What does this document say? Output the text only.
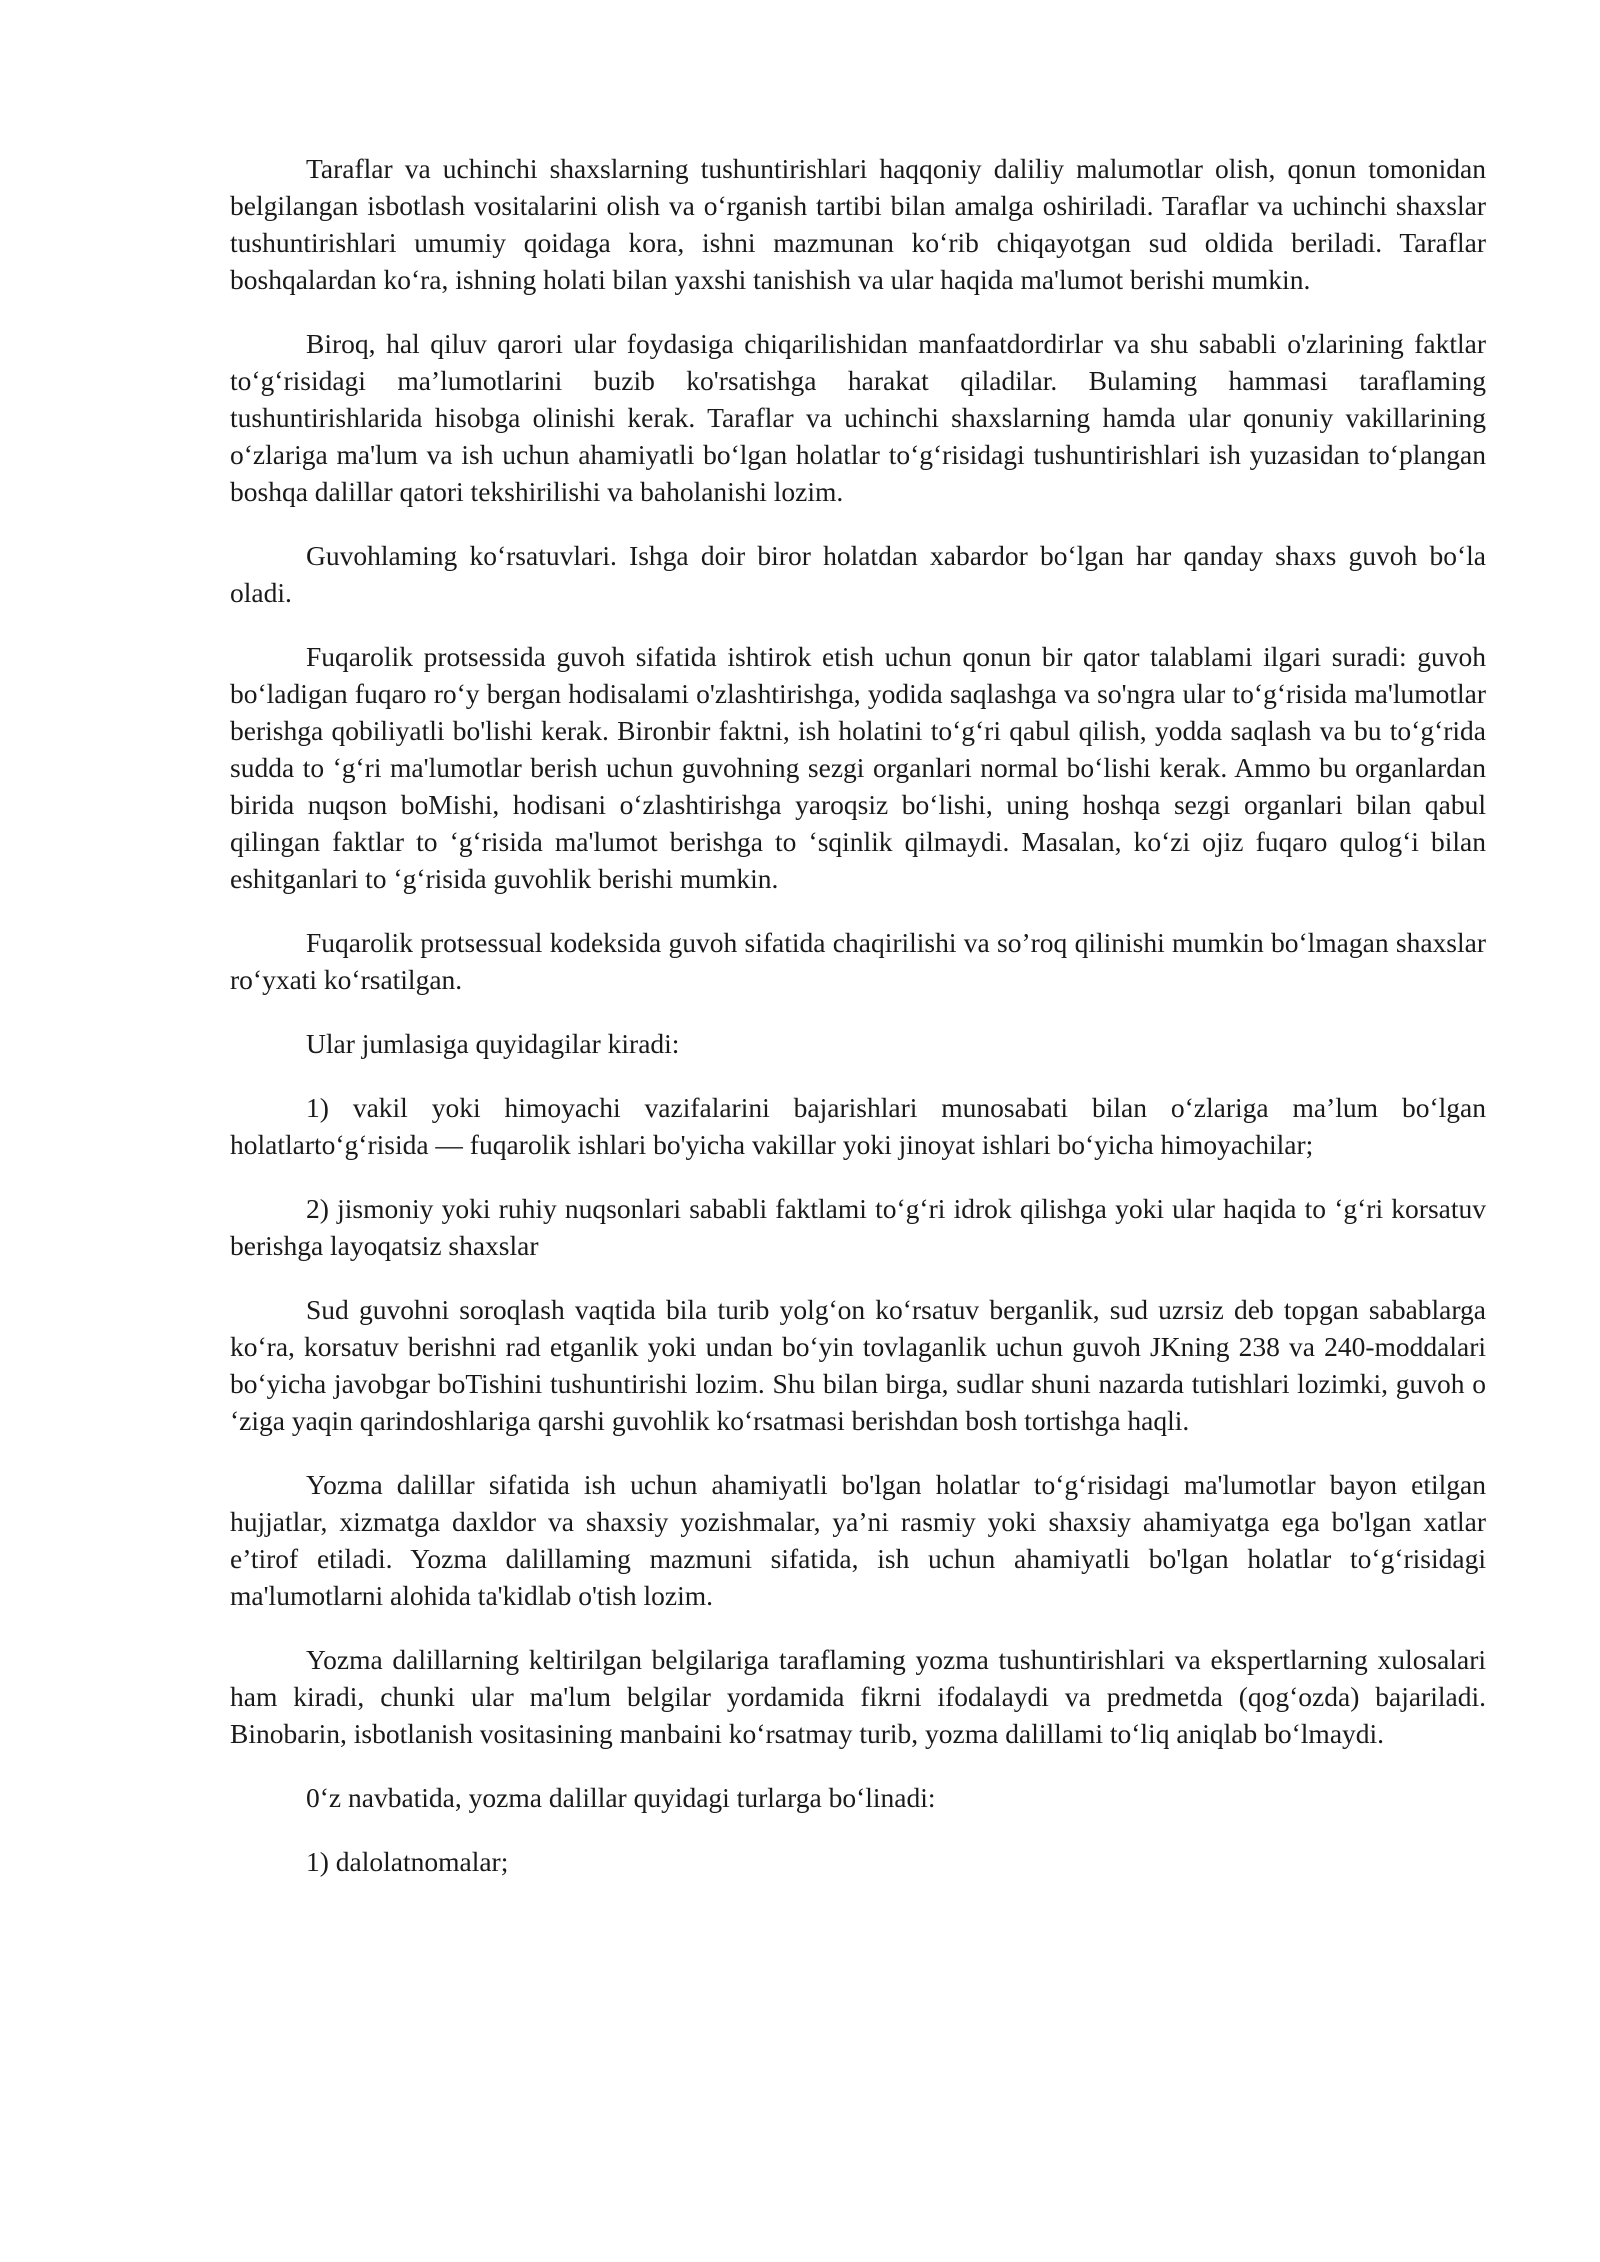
Taraflar va uchinchi shaxslarning tushuntirishlari haqqoniy daliliy malumotlar olish, qonun tomonidan belgilangan isbotlash vositalarini olish va o‘rganish tartibi bilan amalga oshiriladi. Taraflar va uchinchi shaxslar tushuntirishlari umumiy qoidaga kora, ishni mazmunan ko‘rib chiqayotgan sud oldida beriladi. Taraflar boshqalardan ko‘ra, ishning holati bilan yaxshi tanishish va ular haqida ma'lumot berishi mumkin.

Biroq, hal qiluv qarori ular foydasiga chiqarilishidan manfaatdordirlar va shu sababli o'zlarining faktlar to‘g‘risidagi ma’lumotlarini buzib ko'rsatishga harakat qiladilar. Bulaming hammasi taraflaming tushuntirishlarida hisobga olinishi kerak. Taraflar va uchinchi shaxslarning hamda ular qonuniy vakillarining o‘zlariga ma'lum va ish uchun ahamiyatli bo‘lgan holatlar to‘g‘risidagi tushuntirishlari ish yuzasidan to‘plangan boshqa dalillar qatori tekshirilishi va baholanishi lozim.

Guvohlaming ko‘rsatuvlari. Ishga doir biror holatdan xabardor bo‘lgan har qanday shaxs guvoh bo‘la oladi.

Fuqarolik protsessida guvoh sifatida ishtirok etish uchun qonun bir qator talablami ilgari suradi: guvoh bo‘ladigan fuqaro ro‘y bergan hodisalami o'zlashtirishga, yodida saqlashga va so'ngra ular to‘g‘risida ma'lumotlar berishga qobiliyatli bo'lishi kerak. Bironbir faktni, ish holatini to‘g‘ri qabul qilish, yodda saqlash va bu to‘g‘rida sudda to ‘g‘ri ma'lumotlar berish uchun guvohning sezgi organlari normal bo‘lishi kerak. Ammo bu organlardan birida nuqson boMishi, hodisani o‘zlashtirishga yaroqsiz bo‘lishi, uning hoshqa sezgi organlari bilan qabul qilingan faktlar to ‘g‘risida ma'lumot berishga to ‘sqinlik qilmaydi. Masalan, ko‘zi ojiz fuqaro qulog‘i bilan eshitganlari to ‘g‘risida guvohlik berishi mumkin.

Fuqarolik protsessual kodeksida guvoh sifatida chaqirilishi va so’roq qilinishi mumkin bo‘lmagan shaxslar ro‘yxati ko‘rsatilgan.

Ular jumlasiga quyidagilar kiradi:

1) vakil yoki himoyachi vazifalarini bajarishlari munosabati bilan o‘zlariga ma’lum bo‘lgan holatlarto‘g‘risida — fuqarolik ishlari bo'yicha vakillar yoki jinoyat ishlari bo‘yicha himoyachilar;

2) jismoniy yoki ruhiy nuqsonlari sababli faktlami to‘g‘ri idrok qilishga yoki ular haqida to ‘g‘ri korsatuv berishga layoqatsiz shaxslar

Sud guvohni soroqlash vaqtida bila turib yolg‘on ko‘rsatuv berganlik, sud uzrsiz deb topgan sabablarga ko‘ra, korsatuv berishni rad etganlik yoki undan bo‘yin tovlaganlik uchun guvoh JKning 238 va 240-moddalari bo‘yicha javobgar boTishini tushuntirishi lozim. Shu bilan birga, sudlar shuni nazarda tutishlari lozimki, guvoh o ‘ziga yaqin qarindoshlariga qarshi guvohlik ko‘rsatmasi berishdan bosh tortishga haqli.

Yozma dalillar sifatida ish uchun ahamiyatli bo'lgan holatlar to‘g‘risidagi ma'lumotlar bayon etilgan hujjatlar, xizmatga daxldor va shaxsiy yozishmalar, ya’ni rasmiy yoki shaxsiy ahamiyatga ega bo'lgan xatlar e’tirof etiladi. Yozma dalillaming mazmuni sifatida, ish uchun ahamiyatli bo'lgan holatlar to‘g‘risidagi ma'lumotlarni alohida ta'kidlab o'tish lozim.

Yozma dalillarning keltirilgan belgilariga taraflaming yozma tushuntirishlari va ekspertlarning xulosalari ham kiradi, chunki ular ma'lum belgilar yordamida fikrni ifodalaydi va predmetda (qog‘ozda) bajariladi. Binobarin, isbotlanish vositasining manbaini ko‘rsatmay turib, yozma dalillami to‘liq aniqlab bo‘lmaydi.

0‘z navbatida, yozma dalillar quyidagi turlarga bo‘linadi:

1) dalolatnomalar;
